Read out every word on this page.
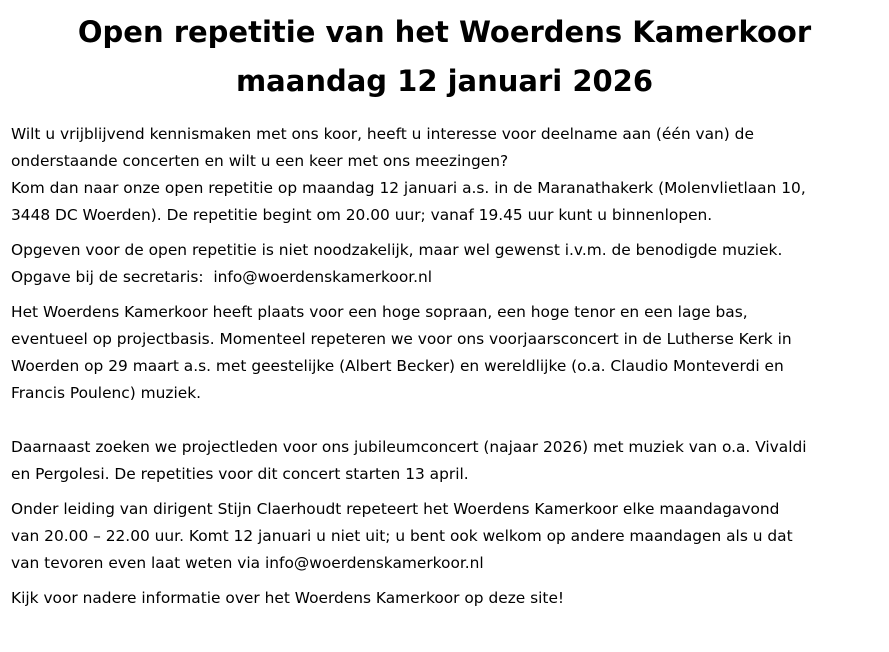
Open repetitie van het Woerdens Kamerkoor
maandag 12 januari 2026

Wilt u vrijblijvend kennismaken met ons koor, heeft u interesse voor deelname aan (één van) de
onderstaande concerten en wilt u een keer met ons meezingen?
Kom dan naar onze open repetitie op maandag 12 januari a.s. in de Maranathakerk (Molenvlietlaan 10,
3448 DC Woerden). De repetitie begint om 20.00 uur; vanaf 19.45 uur kunt u binnenlopen.

Opgeven voor de open repetitie is niet noodzakelijk, maar wel gewenst i.v.m. de benodigde muziek.
Opgave bij de secretaris:  info@woerdenskamerkoor.nl

Het Woerdens Kamerkoor heeft plaats voor een hoge sopraan, een hoge tenor en een lage bas,
eventueel op projectbasis. Momenteel repeteren we voor ons voorjaarsconcert in de Lutherse Kerk in
Woerden op 29 maart a.s. met geestelijke (Albert Becker) en wereldlijke (o.a. Claudio Monteverdi en
Francis Poulenc) muziek.

Daarnaast zoeken we projectleden voor ons jubileumconcert (najaar 2026) met muziek van o.a. Vivaldi
en Pergolesi. De repetities voor dit concert starten 13 april.

Onder leiding van dirigent Stijn Claerhoudt repeteert het Woerdens Kamerkoor elke maandagavond
van 20.00 – 22.00 uur. Komt 12 januari u niet uit; u bent ook welkom op andere maandagen als u dat
van tevoren even laat weten via info@woerdenskamerkoor.nl

Kijk voor nadere informatie over het Woerdens Kamerkoor op deze site!
